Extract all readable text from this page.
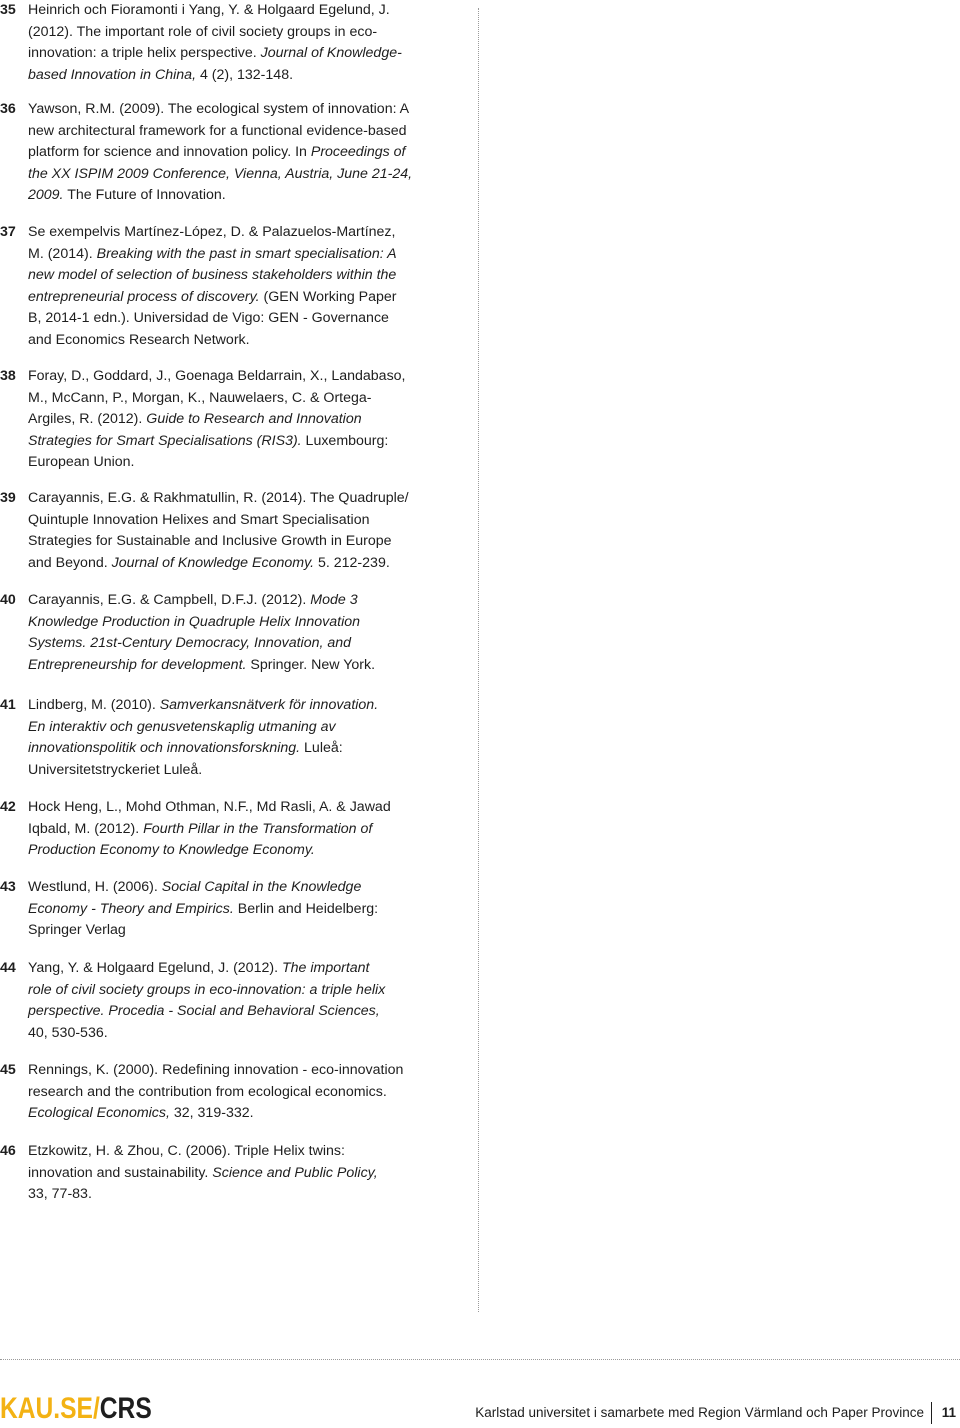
35 Heinrich och Fioramonti i Yang, Y. & Holgaard Egelund, J.
(2012). The important role of civil society groups in eco-
innovation: a triple helix perspective. Journal of Knowledge-
based Innovation in China, 4 (2), 132-148.
36 Yawson, R.M. (2009). The ecological system of innovation: A
new architectural framework for a functional evidence-based
platform for science and innovation policy. In Proceedings of
the XX ISPIM 2009 Conference, Vienna, Austria, June 21-24,
2009. The Future of Innovation.
37 Se exempelvis Martínez-López, D. & Palazuelos-Martínez,
M. (2014). Breaking with the past in smart specialisation: A
new model of selection of business stakeholders within the
entrepreneurial process of discovery. (GEN Working Paper
B, 2014-1 edn.). Universidad de Vigo: GEN - Governance
and Economics Research Network.
38 Foray, D., Goddard, J., Goenaga Beldarrain, X., Landabaso,
M., McCann, P., Morgan, K., Nauwelaers, C. & Ortega-
Argiles, R. (2012). Guide to Research and Innovation
Strategies for Smart Specialisations (RIS3). Luxembourg:
European Union.
39 Carayannis, E.G. & Rakhmatullin, R. (2014). The Quadruple/
Quintuple Innovation Helixes and Smart Specialisation
Strategies for Sustainable and Inclusive Growth in Europe
and Beyond. Journal of Knowledge Economy. 5. 212-239.
40 Carayannis, E.G. & Campbell, D.F.J. (2012). Mode 3
Knowledge Production in Quadruple Helix Innovation
Systems. 21st-Century Democracy, Innovation, and
Entrepreneurship for development. Springer. New York.
41 Lindberg, M. (2010). Samverkansnätverk för innovation.
En interaktiv och genusvetenskaplig utmaning av
innovationspolitik och innovationsforskning. Luleå:
Universitetstryckeriet Luleå.
42 Hock Heng, L., Mohd Othman, N.F., Md Rasli, A. & Jawad
Iqbald, M. (2012). Fourth Pillar in the Transformation of
Production Economy to Knowledge Economy.
43 Westlund, H. (2006). Social Capital in the Knowledge
Economy - Theory and Empirics. Berlin and Heidelberg:
Springer Verlag
44 Yang, Y. & Holgaard Egelund, J. (2012). The important
role of civil society groups in eco-innovation: a triple helix
perspective. Procedia - Social and Behavioral Sciences,
40, 530-536.
45 Rennings, K. (2000). Redefining innovation - eco-innovation
research and the contribution from ecological economics.
Ecological Economics, 32, 319-332.
46 Etzkowitz, H. & Zhou, C. (2006). Triple Helix twins:
innovation and sustainability. Science and Public Policy,
33, 77-83.
KAU.SE/CRS	Karlstad universitet i samarbete med Region Värmland och Paper Province 11
